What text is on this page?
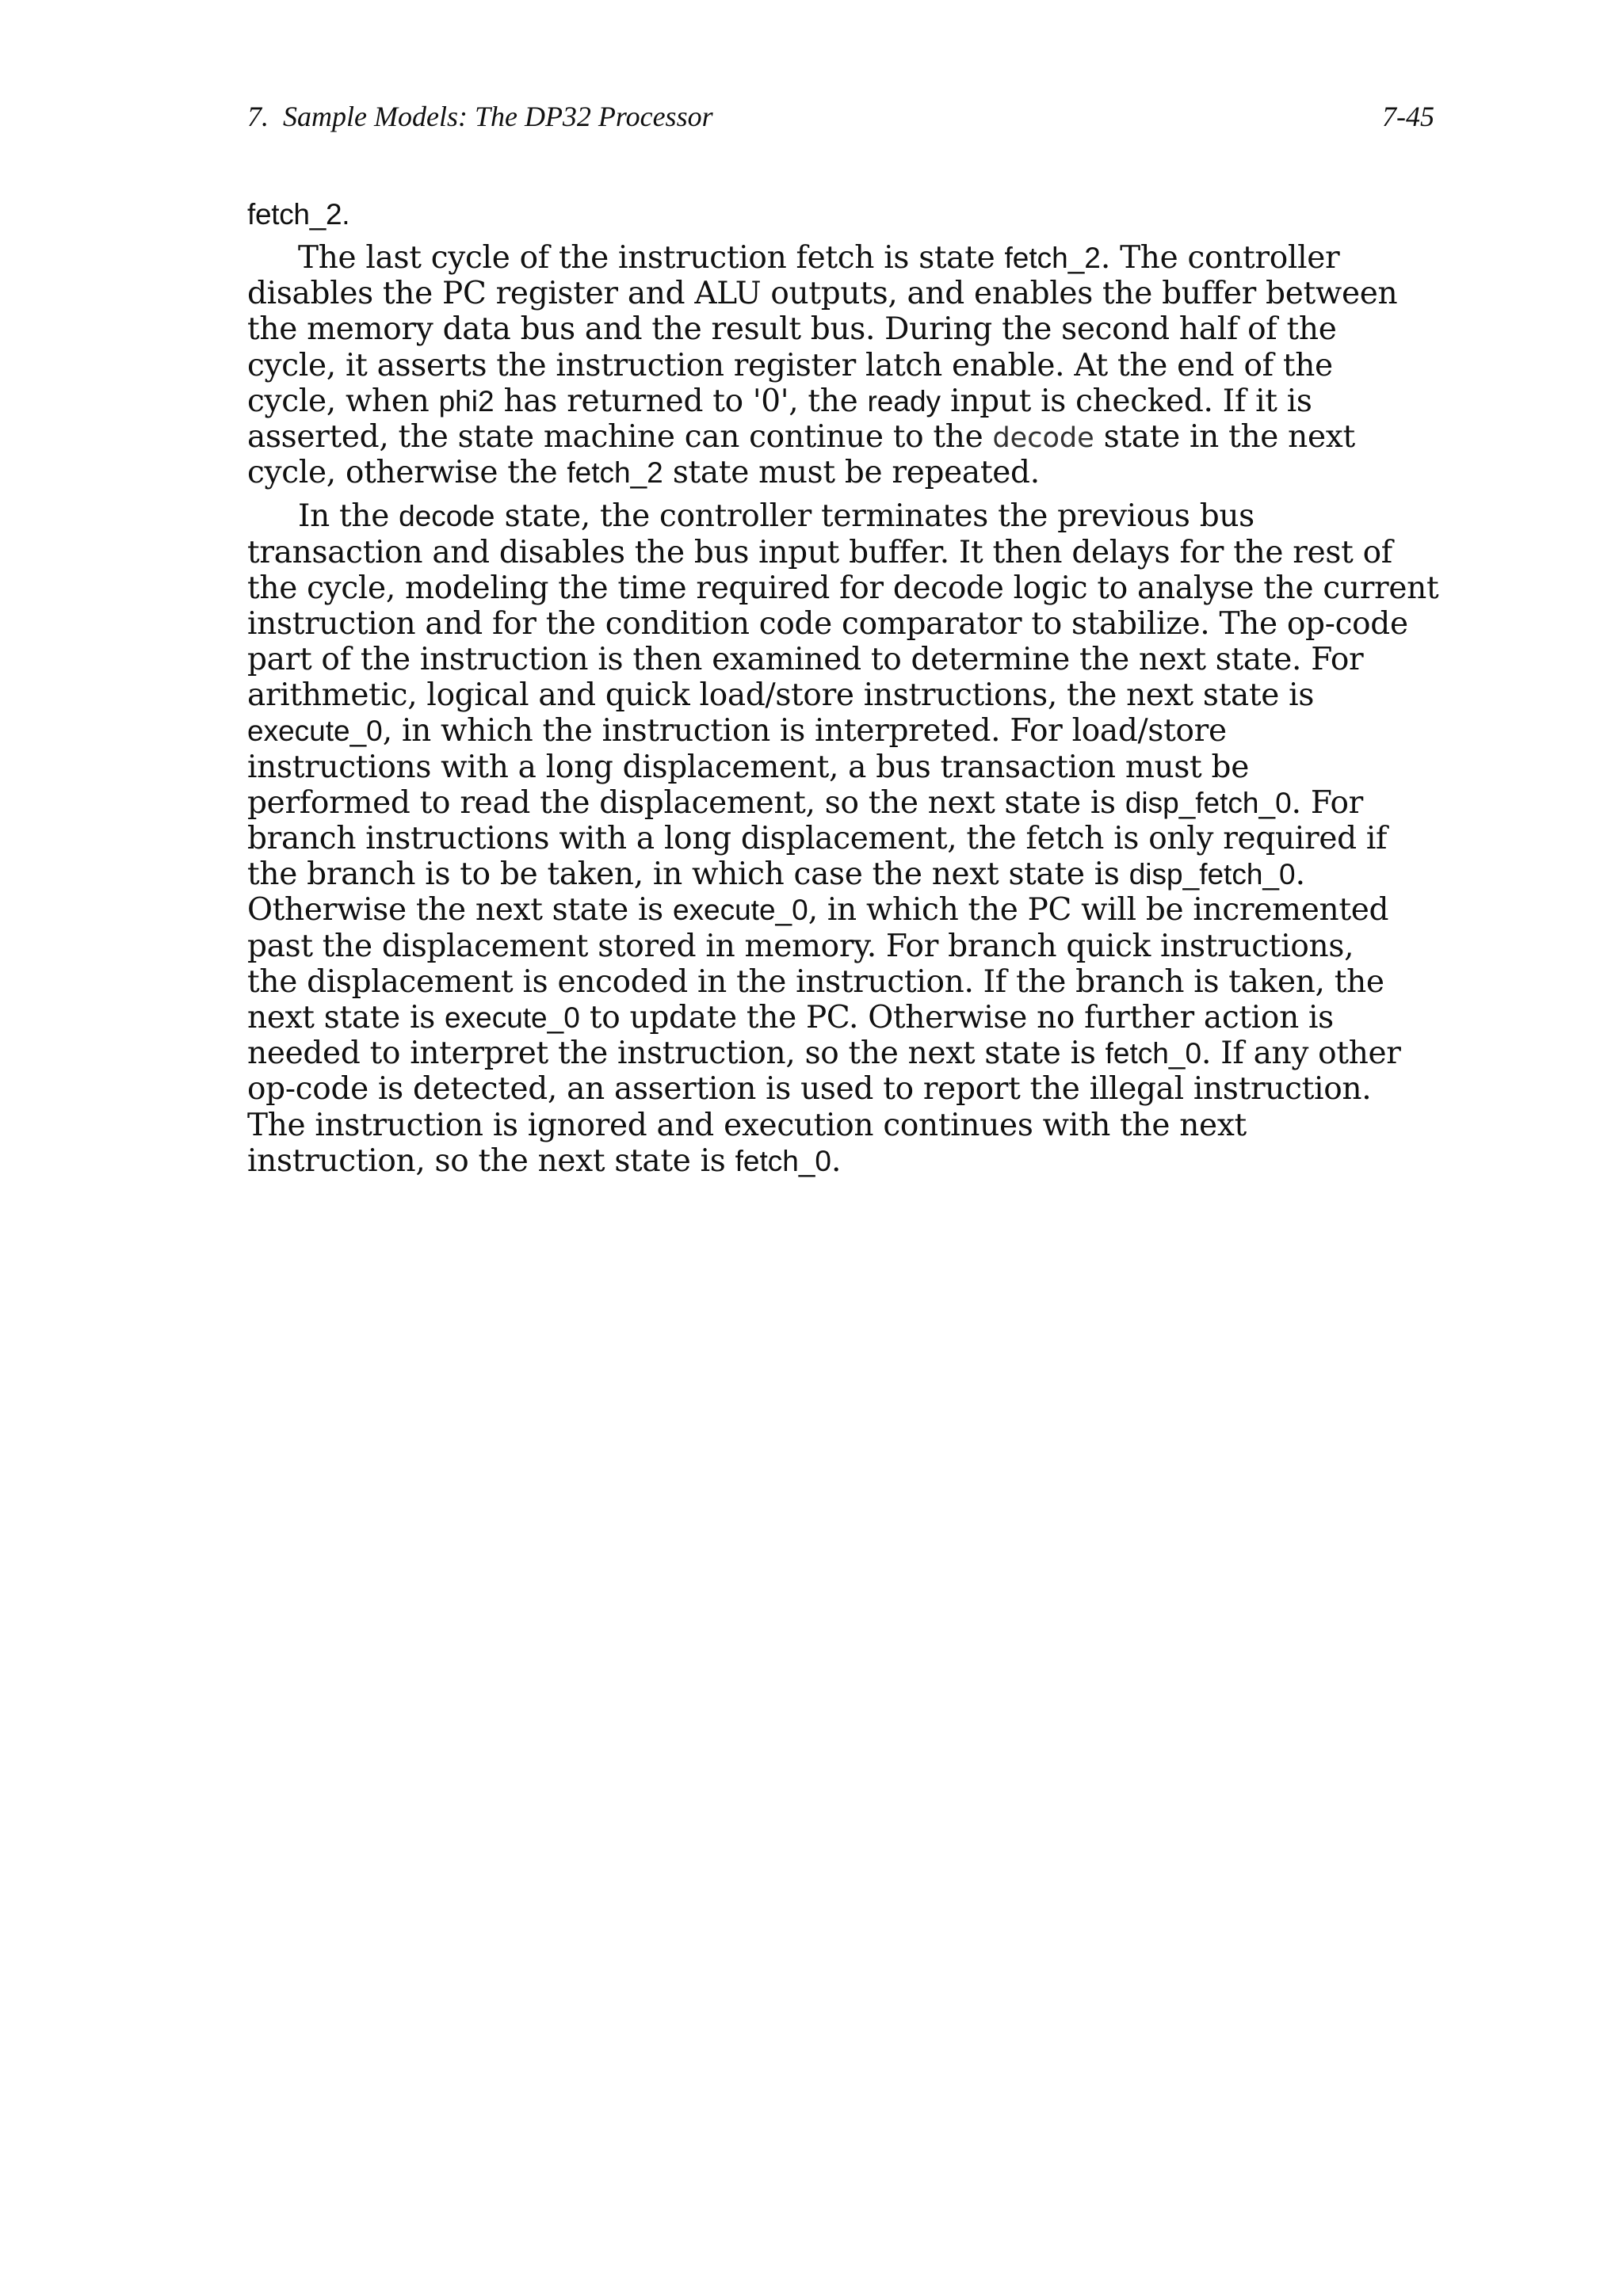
7.  Sample Models: The DP32 Processor	7-45
fetch_2.
The last cycle of the instruction fetch is state fetch_2. The controller
disables the PC register and ALU outputs, and enables the buffer between
the memory data bus and the result bus. During the second half of the
cycle, it asserts the instruction register latch enable. At the end of the
cycle, when phi2 has returned to '0', the ready input is checked. If it is
asserted, the state machine can continue to the decode state in the next
cycle, otherwise the fetch_2 state must be repeated.
In the decode state, the controller terminates the previous bus
transaction and disables the bus input buffer. It then delays for the rest of
the cycle, modeling the time required for decode logic to analyse the current
instruction and for the condition code comparator to stabilize. The op-code
part of the instruction is then examined to determine the next state. For
arithmetic, logical and quick load/store instructions, the next state is
execute_0, in which the instruction is interpreted. For load/store
instructions with a long displacement, a bus transaction must be
performed to read the displacement, so the next state is disp_fetch_0. For
branch instructions with a long displacement, the fetch is only required if
the branch is to be taken, in which case the next state is disp_fetch_0.
Otherwise the next state is execute_0, in which the PC will be incremented
past the displacement stored in memory. For branch quick instructions,
the displacement is encoded in the instruction. If the branch is taken, the
next state is execute_0 to update the PC. Otherwise no further action is
needed to interpret the instruction, so the next state is fetch_0. If any other
op-code is detected, an assertion is used to report the illegal instruction.
The instruction is ignored and execution continues with the next
instruction, so the next state is fetch_0.
